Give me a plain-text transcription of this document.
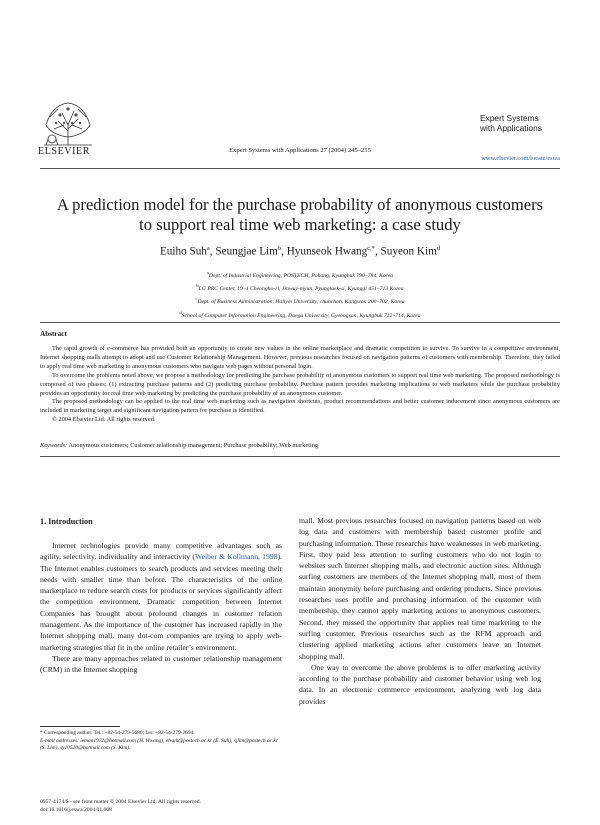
ELSEVIER	Expert Systems with Applications 27 (2004) 245–255
Expert Systems
with Applications
www.elsevier.com/locate/eswa
A prediction model for the purchase probability of anonymous customers
to support real time web marketing: a case study
Euiho Suh$^a$, Seungjae Lim$^b$, Hyunseok Hwang$^{c,*}$, Suyeon Kim$^d$
$^a$Dept. of Industrial Engineering, POSTECH, Pohang, Kyungbuk 790–784, Korea
$^b$LG PRC Center, 19–1 Cheongho-ri, Jinwuy-myun, Pyungtaek-si, Kyunggi 451–713 Korea
$^c$Dept. of Business Administration, Hallym University, chunchon, Kangwon 200–702, Korea
$^d$School of Computer Information Engineering, Daegu University, Gyeongsan, Kyungbuk 712–714, Korea
Abstract

The rapid growth of e-commerce has provided both an opportunity to create new values in the online marketplace and dramatic competition to survive. To survive in a competitive environment, Internet shopping malls attempt to adopt and use Customer Relationship Management. However, previous researches focused on navigation patterns of customers with membership. Therefore, they failed to apply real time web marketing to anonymous customers who navigate web pages without personal login.

To overcome the problems noted above, we propose a methodology for predicting the purchase probability of anonymous customers to support real time web marketing. The proposed methodology is composed of two phases: (1) extracting purchase patterns and (2) predicting purchase probability. Purchase pattern provides marketing implications to web marketers while the purchase probability provides an opportunity for real time web marketing by predicting the purchase probability of an anonymous customer.

The proposed methodology can be applied to the real time web marketing such as navigation shortcuts, product recommendations and better customer inducement since anonymous customers are included in marketing target and significant navigation pattern for purchase is identified.

© 2004 Elsevier Ltd. All rights reserved.

Keywords: Anonymous customers; Customer relationship management; Purchase probability; Web marketing
1. Introduction

Internet technologies provide many competitive advantages such as agility, selectivity, individuality and interactivity (Weiber & Kollmann, 1998). The Internet enables customers to search products and services meeting their needs with smaller time than before. The characteristics of the online marketplace to reduce search costs for products or services significantly affect the competition environment. Dramatic competition between Internet Companies has brought about profound changes in customer relation management. As the importance of the customer has increased rapidly in the Internet shopping mall, many dot-com companies are trying to apply web-marketing strategies that fit in the online retailer’s environment.

There are many approaches related to customer relationship management (CRM) in the Internet shopping

mall. Most previous researches focused on navigation patterns based on web log data and customers with membership based customer profile and purchasing information. These researches have weaknesses in web marketing. First, they paid less attention to surfing customers who do not login to websites such Internet shopping malls, and electronic auction sites. Although surfing customers are members of the Internet shopping mall, most of them maintain anonymity before purchasing and ordering products. Since previous researches uses profile and purchasing information of the customer with membership, they cannot apply marketing actions to anonymous customers. Second, they missed the opportunity that applies real time marketing to the surfing customer. Previous researches such as the RFM approach and clustering applied marketing actions after customers leave an Internet shopping mall.

One way to overcome the above problems is to offer marketing activity according to the purchase probability and customer behavior using web log data. In an electronic commerce environment, analyzing web log data provides

* Corresponding author. Tel.: +82-54-279-5680; fax: +82-54-279-2694.

E-mail addresses: ieman1972@hotmail.com (H. Hwang), ehsuh@postech.ac.kr (E. Suh), sjlim@postech.ac.kr (S. Lim), sy10520@hotmail.com (S. Kim).

0957-4174/$ - see front matter © 2004 Elsevier Ltd. All rights reserved.
doi:10.1016/j.eswa.2004.01.008
